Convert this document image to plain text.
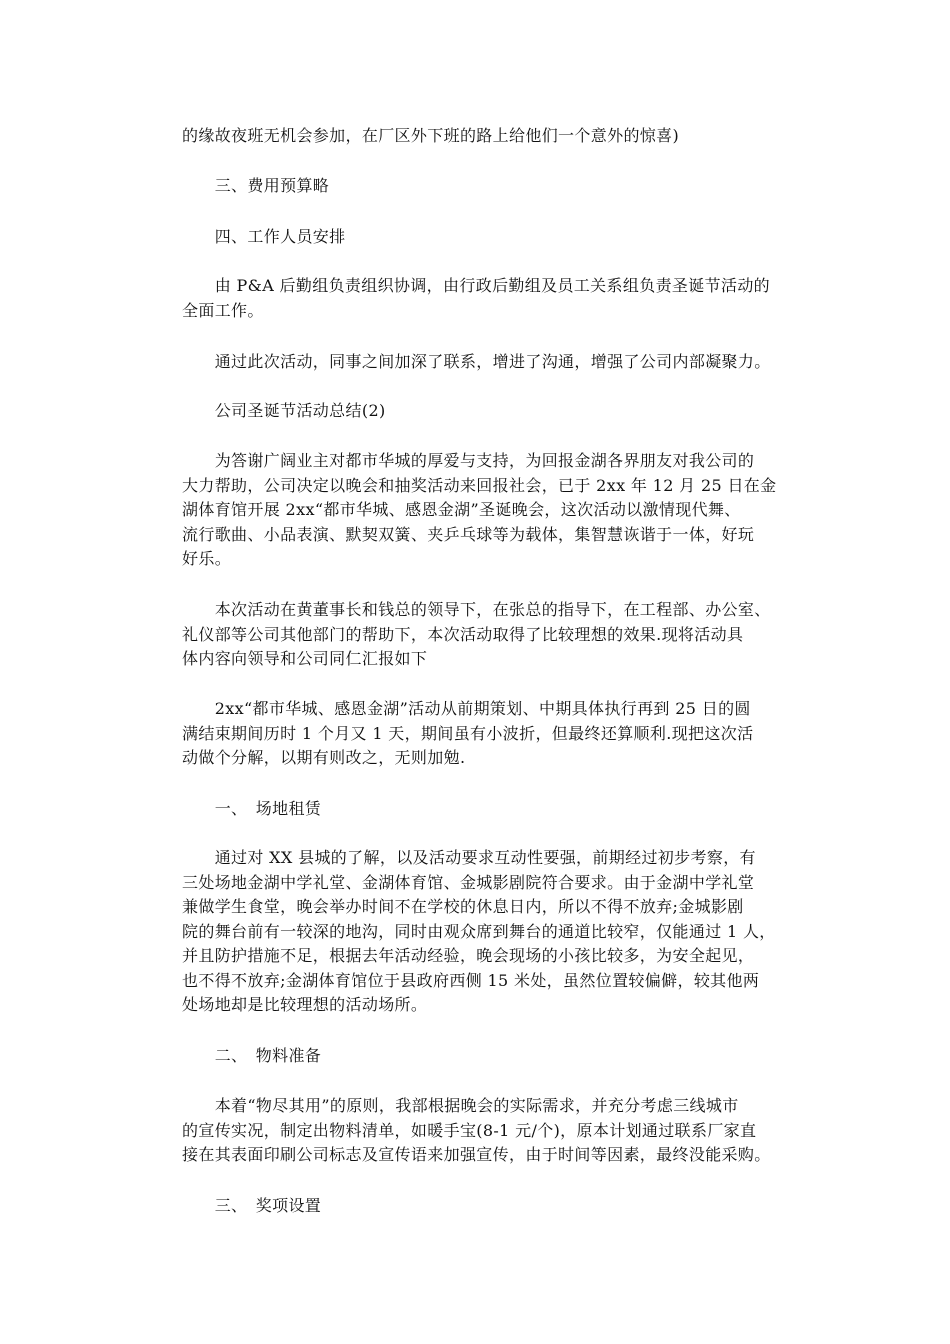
的缘故夜班无机会参加，在厂区外下班的路上给他们一个意外的惊喜)
　　三、费用预算略
　　四、工作人员安排
　　由 P&A 后勤组负责组织协调，由行政后勤组及员工关系组负责圣诞节活动的
全面工作。
　　通过此次活动，同事之间加深了联系，增进了沟通，增强了公司内部凝聚力。
　　公司圣诞节活动总结(2)
　　为答谢广阔业主对都市华城的厚爱与支持，为回报金湖各界朋友对我公司的
大力帮助，公司决定以晚会和抽奖活动来回报社会，已于 2xx 年 12 月 25 日在金
湖体育馆开展 2xx“都市华城、感恩金湖”圣诞晚会，这次活动以激情现代舞、
流行歌曲、小品表演、默契双簧、夹乒乓球等为载体，集智慧诙谐于一体，好玩
好乐。
　　本次活动在黄董事长和钱总的领导下，在张总的指导下，在工程部、办公室、
礼仪部等公司其他部门的帮助下，本次活动取得了比较理想的效果.现将活动具
体内容向领导和公司同仁汇报如下
　　2xx“都市华城、感恩金湖”活动从前期策划、中期具体执行再到 25 日的圆
满结束期间历时 1 个月又 1 天，期间虽有小波折，但最终还算顺利.现把这次活
动做个分解，以期有则改之，无则加勉.
　　一、　场地租赁
　　通过对 XX 县城的了解，以及活动要求互动性要强，前期经过初步考察，有
三处场地金湖中学礼堂、金湖体育馆、金城影剧院符合要求。由于金湖中学礼堂
兼做学生食堂，晚会举办时间不在学校的休息日内，所以不得不放弃;金城影剧
院的舞台前有一较深的地沟，同时由观众席到舞台的通道比较窄，仅能通过 1 人，
并且防护措施不足，根据去年活动经验，晚会现场的小孩比较多，为安全起见，
也不得不放弃;金湖体育馆位于县政府西侧 15 米处，虽然位置较偏僻，较其他两
处场地却是比较理想的活动场所。
　　二、　物料准备
　　本着“物尽其用”的原则，我部根据晚会的实际需求，并充分考虑三线城市
的宣传实况，制定出物料清单，如暖手宝(8-1 元/个)，原本计划通过联系厂家直
接在其表面印刷公司标志及宣传语来加强宣传，由于时间等因素，最终没能采购。
　　三、　奖项设置
